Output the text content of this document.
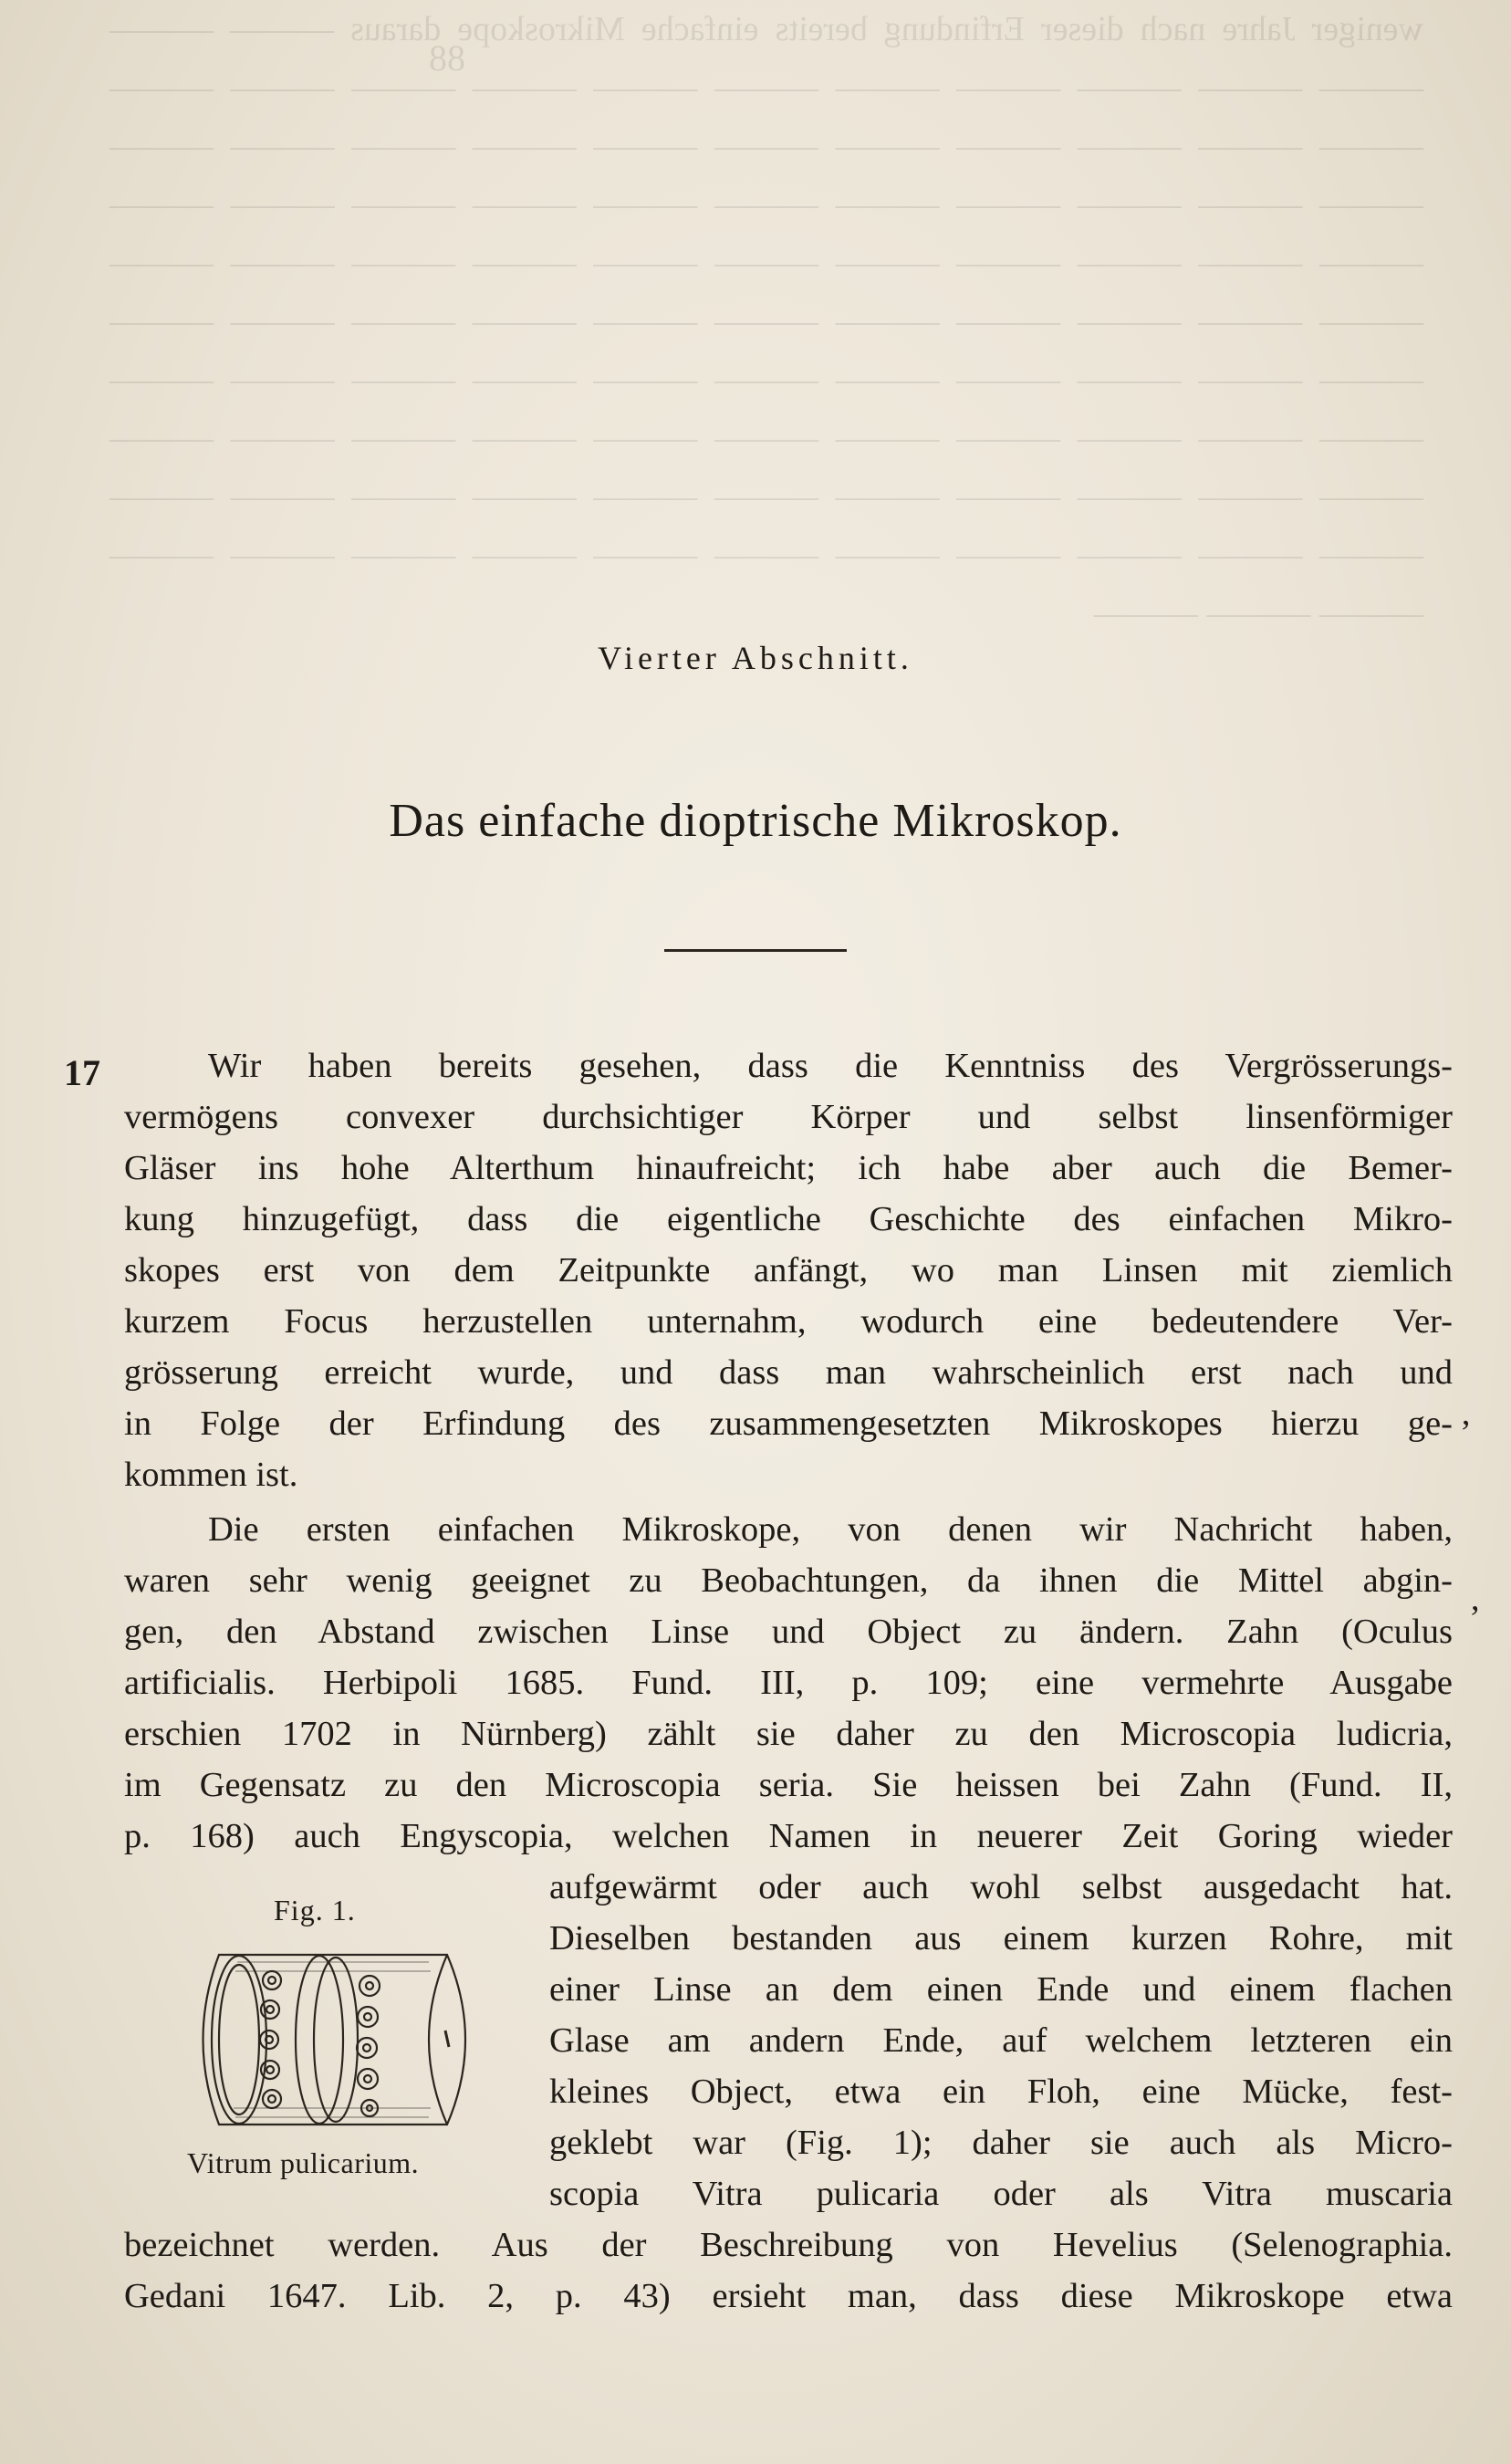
88
weniger Jahre nach dieser Erfindung bereits einfache Mikroskope daraus ——— ——— ——— ——— ——— ——— ——— ——— ——— ——— ——— ——— ——— ——— ——— ——— ——— ——— ——— ——— ——— ——— ——— ——— ——— ——— ——— ——— ——— ——— ——— ——— ——— ——— ——— ——— ——— ——— ——— ——— ——— ——— ——— ——— ——— ——— ——— ——— ——— ——— ——— ——— ——— ——— ——— ——— ——— ——— ——— ——— ——— ——— ——— ——— ——— ——— ——— ——— ——— ——— ——— ——— ——— ——— ——— ——— ——— ——— ——— ——— ——— ——— ——— ——— ——— ——— ——— ——— ——— ——— ——— ——— ——— ——— ——— ——— ——— ——— ——— ——— ——— ——— ——— ———
Vierter Abschnitt.
Das einfache dioptrische Mikroskop.
17	Wir haben bereits gesehen, dass die Kenntniss des Vergrösserungs-
vermögens convexer durchsichtiger Körper und selbst linsenförmiger
Gläser ins hohe Alterthum hinaufreicht; ich habe aber auch die Bemer-
kung hinzugefügt, dass die eigentliche Geschichte des einfachen Mikro-
skopes erst von dem Zeitpunkte anfängt, wo man Linsen mit ziemlich
kurzem Focus herzustellen unternahm, wodurch eine bedeutendere Ver-
grösserung erreicht wurde, und dass man wahrscheinlich erst nach und
in Folge der Erfindung des zusammengesetzten Mikroskopes hierzu ge-
kommen ist.
Die ersten einfachen Mikroskope, von denen wir Nachricht haben,
waren sehr wenig geeignet zu Beobachtungen, da ihnen die Mittel abgin-
gen, den Abstand zwischen Linse und Object zu ändern. Zahn (Oculus
artificialis. Herbipoli 1685. Fund. III, p. 109; eine vermehrte Ausgabe
erschien 1702 in Nürnberg) zählt sie daher zu den Microscopia ludicria,
im Gegensatz zu den Microscopia seria. Sie heissen bei Zahn (Fund. II,
p. 168) auch Engyscopia, welchen Namen in neuerer Zeit Goring wieder
aufgewärmt oder auch wohl selbst ausgedacht hat.
Dieselben bestanden aus einem kurzen Rohre, mit
einer Linse an dem einen Ende und einem flachen
Glase am andern Ende, auf welchem letzteren ein
kleines Object, etwa ein Floh, eine Mücke, fest-
geklebt war (Fig. 1); daher sie auch als Micro-
scopia Vitra pulicaria oder als Vitra muscaria
bezeichnet werden. Aus der Beschreibung von Hevelius (Selenographia.
Gedani 1647. Lib. 2, p. 43) ersieht man, dass diese Mikroskope etwa
Fig. 1.
Vitrum pulicarium.
’
,
